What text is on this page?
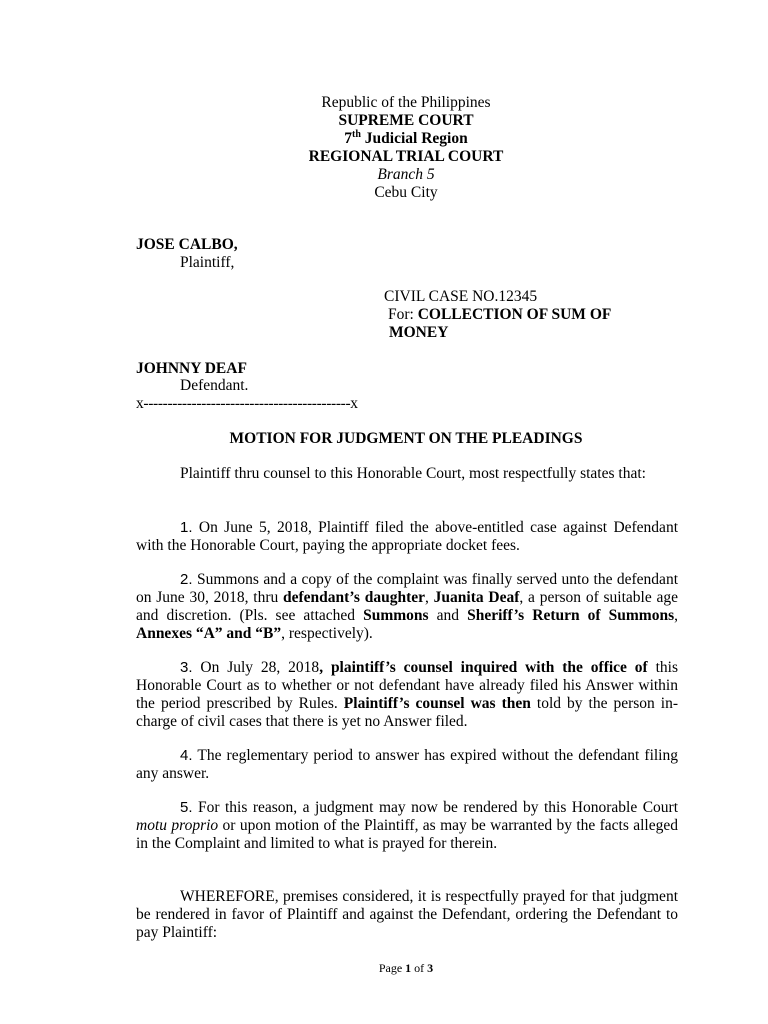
Republic of the Philippines
SUPREME COURT
7th Judicial Region
REGIONAL TRIAL COURT
Branch 5
Cebu City
JOSE CALBO,
Plaintiff,
CIVIL CASE NO.12345
For: COLLECTION OF SUM OF
MONEY
JOHNNY DEAF
Defendant.
x-------------------------------------------x
MOTION FOR JUDGMENT ON THE PLEADINGS
Plaintiff thru counsel to this Honorable Court, most respectfully states that:
1. On June 5, 2018, Plaintiff filed the above-entitled case against Defendant with the Honorable Court, paying the appropriate docket fees.
2. Summons and a copy of the complaint was finally served unto the defendant on June 30, 2018, thru defendant’s daughter, Juanita Deaf, a person of suitable age and discretion. (Pls. see attached Summons and Sheriff’s Return of Summons, Annexes “A” and “B”, respectively).
3. On July 28, 2018, plaintiff’s counsel inquired with the office of this Honorable Court as to whether or not defendant have already filed his Answer within the period prescribed by Rules. Plaintiff’s counsel was then told by the person in-charge of civil cases that there is yet no Answer filed.
4. The reglementary period to answer has expired without the defendant filing any answer.
5. For this reason, a judgment may now be rendered by this Honorable Court motu proprio or upon motion of the Plaintiff, as may be warranted by the facts alleged in the Complaint and limited to what is prayed for therein.
WHEREFORE, premises considered, it is respectfully prayed for that judgment be rendered in favor of Plaintiff and against the Defendant, ordering the Defendant to pay Plaintiff:
Page 1 of 3
